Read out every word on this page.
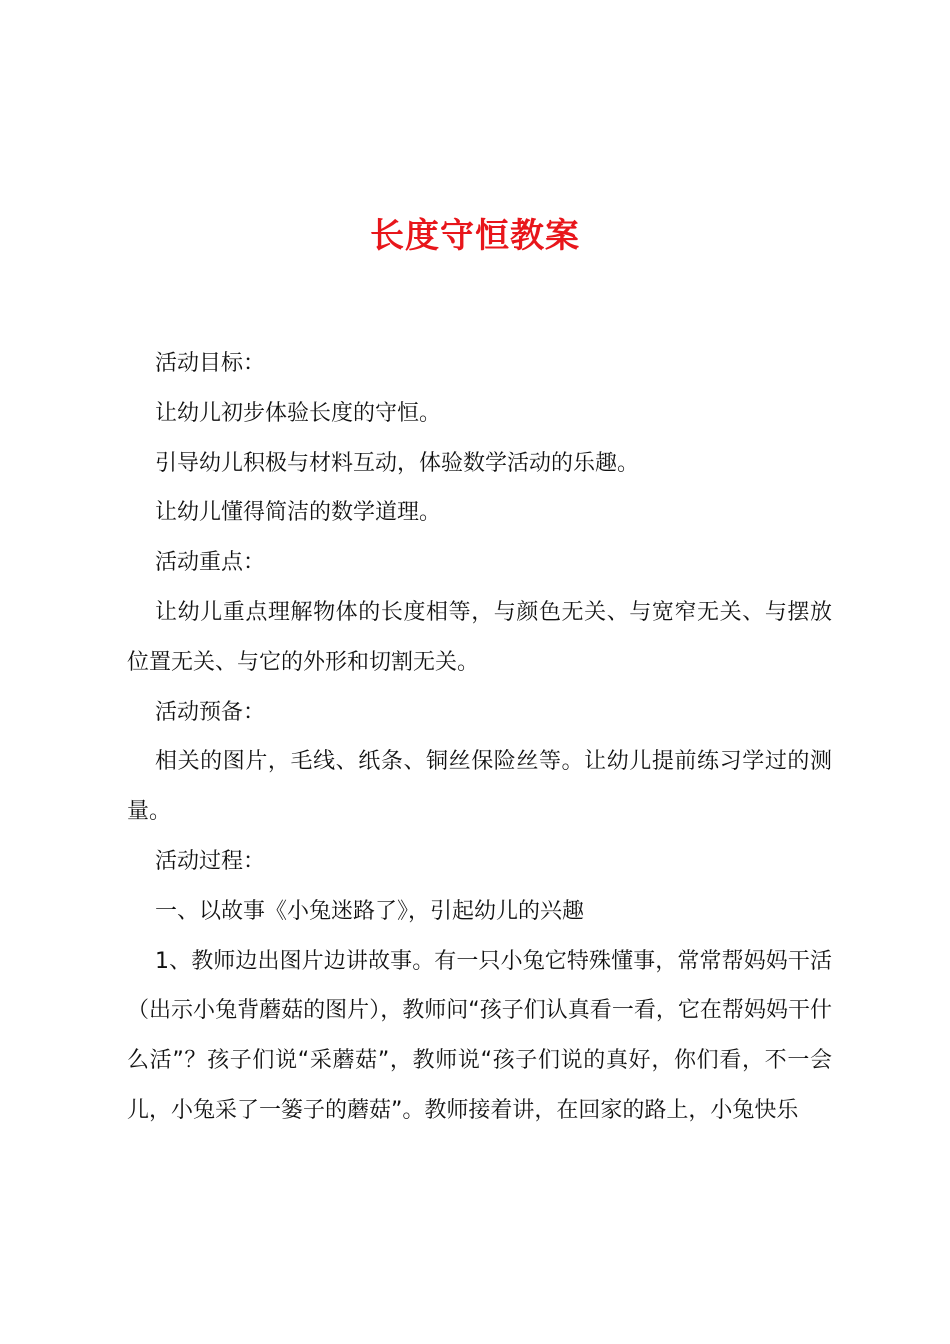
长度守恒教案

活动目标：

让幼儿初步体验长度的守恒。

引导幼儿积极与材料互动，体验数学活动的乐趣。

让幼儿懂得简洁的数学道理。

活动重点：

让幼儿重点理解物体的长度相等，与颜色无关、与宽窄无关、与摆放位置无关、与它的外形和切割无关。

活动预备：

相关的图片，毛线、纸条、铜丝保险丝等。让幼儿提前练习学过的测量。

活动过程：

一、以故事《小兔迷路了》，引起幼儿的兴趣

1、教师边出图片边讲故事。有一只小兔它特殊懂事，常常帮妈妈干活（出示小兔背蘑菇的图片），教师问“孩子们认真看一看，它在帮妈妈干什么活”？孩子们说“采蘑菇”，教师说“孩子们说的真好，你们看，不一会儿，小兔采了一篓子的蘑菇”。教师接着讲，在回家的路上，小兔快乐
